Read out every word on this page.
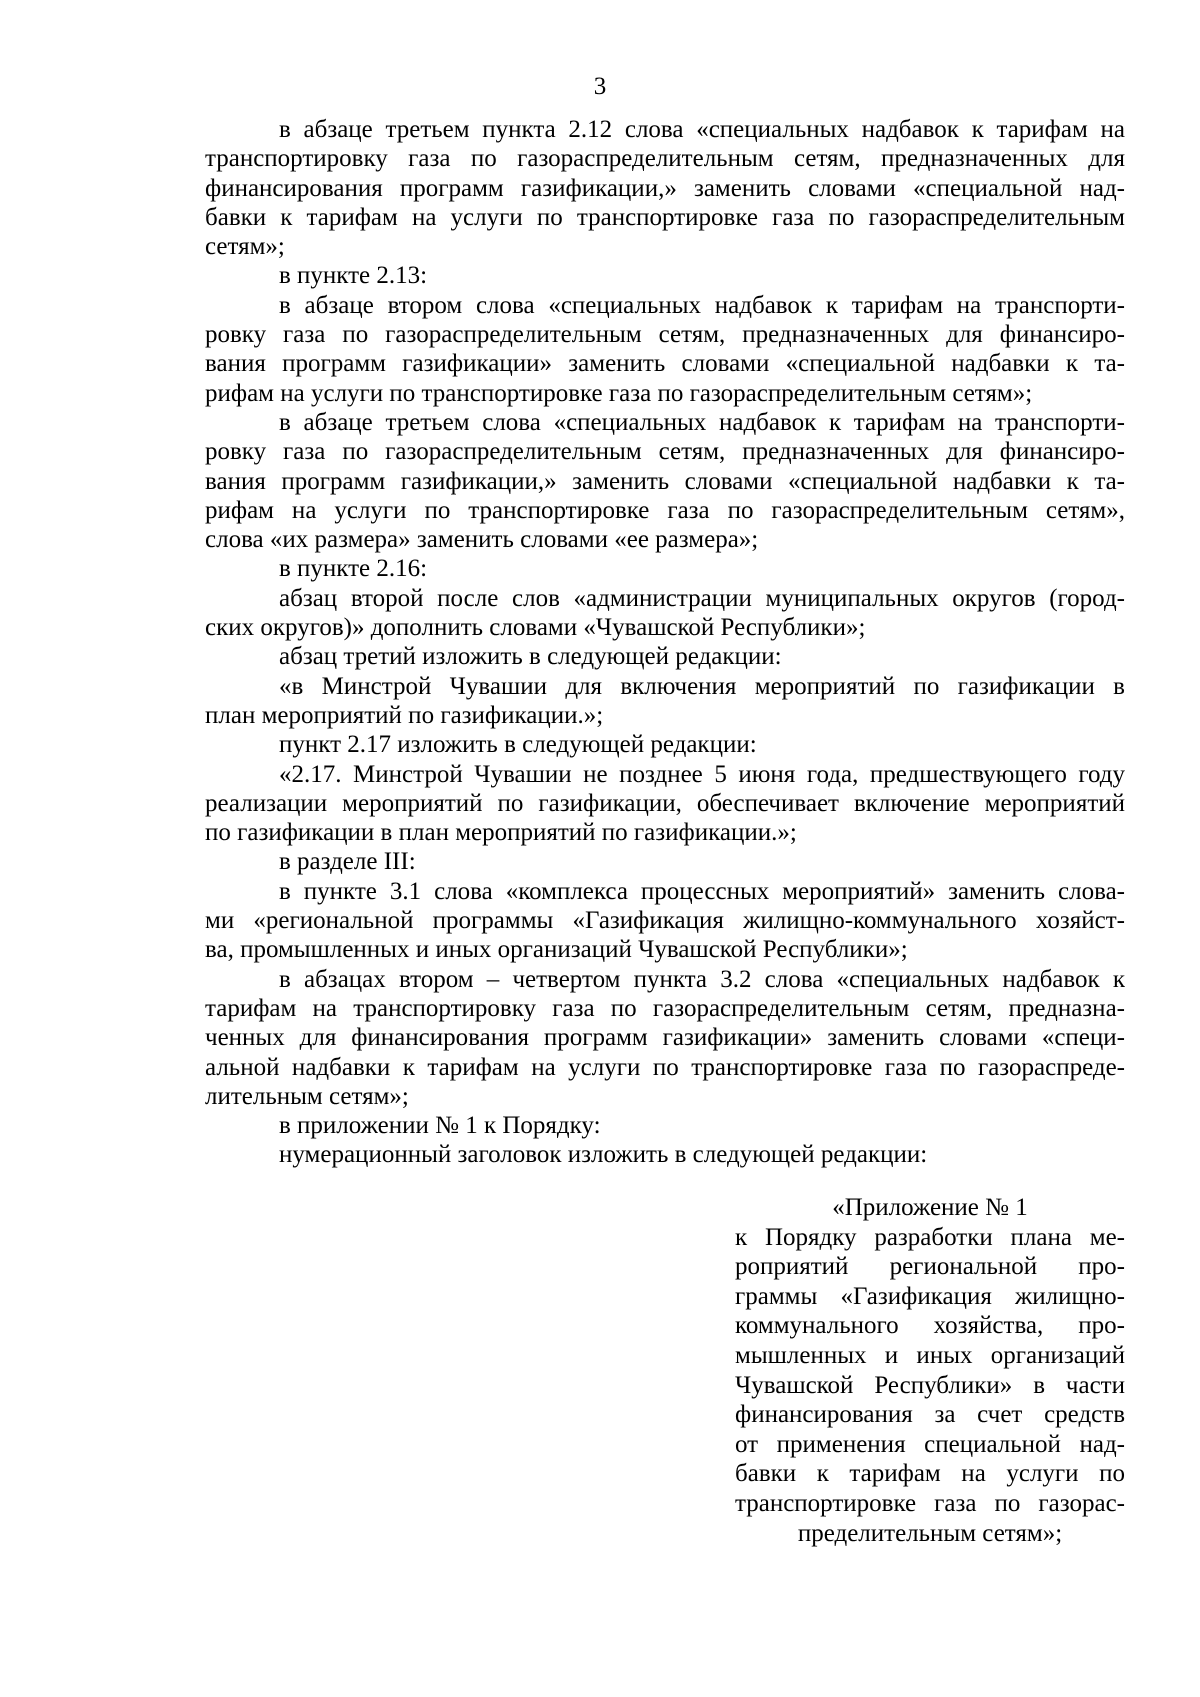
3
в абзаце третьем пункта 2.12 слова «специальных надбавок к тарифам на
транспортировку газа по газораспределительным сетям, предназначенных для
финансирования программ газификации,» заменить словами «специальной над-
бавки к тарифам на услуги по транспортировке газа по газораспределительным
сетям»;
в пункте 2.13:
в абзаце втором слова «специальных надбавок к тарифам на транспорти-
ровку газа по газораспределительным сетям, предназначенных для финансиро-
вания программ газификации» заменить словами «специальной надбавки к та-
рифам на услуги по транспортировке газа по газораспределительным сетям»;
в абзаце третьем слова «специальных надбавок к тарифам на транспорти-
ровку газа по газораспределительным сетям, предназначенных для финансиро-
вания программ газификации,» заменить словами «специальной надбавки к та-
рифам на услуги по транспортировке газа по газораспределительным сетям»,
слова «их размера» заменить словами «ее размера»;
в пункте 2.16:
абзац второй после слов «администрации муниципальных округов (город-
ских округов)» дополнить словами «Чувашской Республики»;
абзац третий изложить в следующей редакции:
«в Минстрой Чувашии для включения мероприятий по газификации в
план мероприятий по газификации.»;
пункт 2.17 изложить в следующей редакции:
«2.17. Минстрой Чувашии не позднее 5 июня года, предшествующего году
реализации мероприятий по газификации, обеспечивает включение мероприятий
по газификации в план мероприятий по газификации.»;
в разделе III:
в пункте 3.1 слова «комплекса процессных мероприятий» заменить слова-
ми «региональной программы «Газификация жилищно-коммунального хозяйст-
ва, промышленных и иных организаций Чувашской Республики»;
в абзацах втором – четвертом пункта 3.2 слова «специальных надбавок к
тарифам на транспортировку газа по газораспределительным сетям, предназна-
ченных для финансирования программ газификации» заменить словами «специ-
альной надбавки к тарифам на услуги по транспортировке газа по газораспреде-
лительным сетям»;
в приложении № 1 к Порядку:
нумерационный заголовок изложить в следующей редакции:
«Приложение № 1
к Порядку разработки плана ме-
роприятий региональной про-
граммы «Газификация жилищно-
коммунального хозяйства, про-
мышленных и иных организаций
Чувашской Республики» в части
финансирования за счет средств
от применения специальной над-
бавки к тарифам на услуги по
транспортировке газа по газорас-
пределительным сетям»;
